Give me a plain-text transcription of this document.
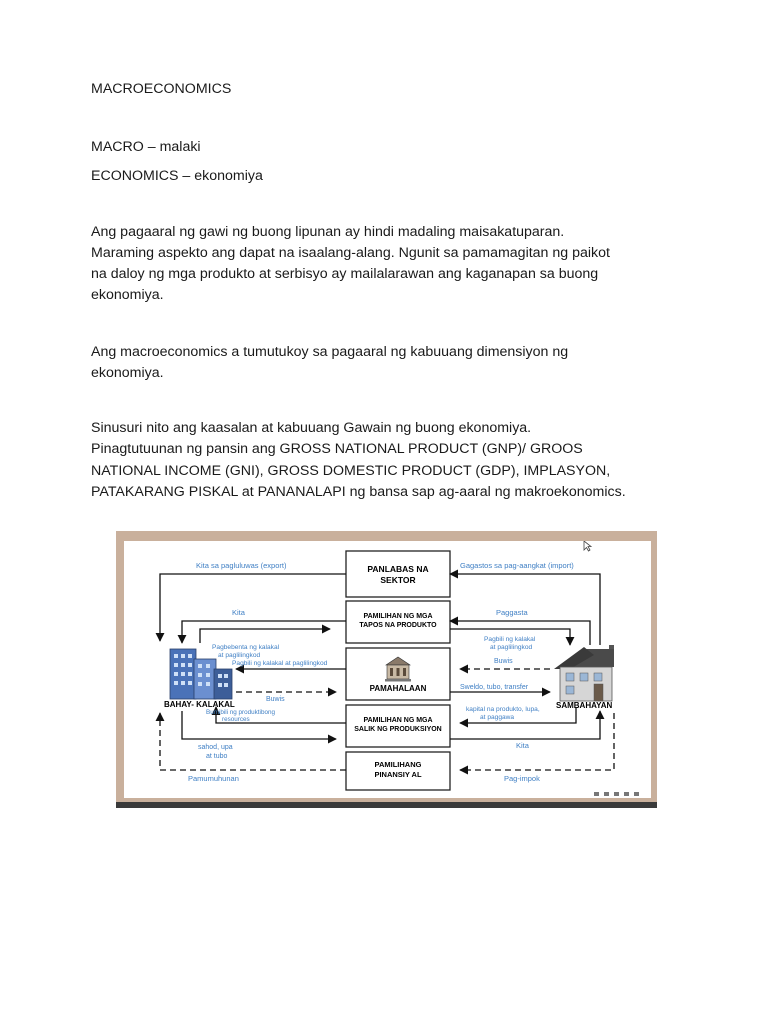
MACROECONOMICS
MACRO – malaki
ECONOMICS – ekonomiya
Ang pagaaral ng gawi ng buong lipunan ay hindi madaling maisakatuparan.
Maraming aspekto ang dapat na isaalang-alang. Ngunit sa pamamagitan ng paikot
na daloy ng mga produkto at serbisyo ay mailalarawan ang kaganapan sa buong
ekonomiya.
Ang macroeconomics a tumutukoy sa pagaaral ng kabuuang dimensiyon ng
ekonomiya.
Sinusuri nito ang kaasalan at kabuuang Gawain ng buong ekonomiya.
Pinagtutuunan ng pansin ang GROSS NATIONAL PRODUCT (GNP)/ GROOS
NATIONAL INCOME (GNI), GROSS DOMESTIC PRODUCT (GDP), IMPLASYON,
PATAKARANG PISKAL at PANANALAPI ng bansa sap ag-aaral ng makroekonomics.
PANLABAS NA
SEKTOR
PAMILIHAN NG MGA
TAPOS NA PRODUKTO
PAMAHALAAN
PAMILIHAN NG MGA
SALIK NG PRODUKSIYON
PAMILIHANG
PINANSIY AL
BAHAY- KALAKAL	SAMBAHAYAN
Kita sa pagluluwas (export)	Gagastos sa pag-aangkat (import)
Kita	Paggasta
Pagbebenta ng kalakal
at paglilingkod
Pagbili ng kalakal
at paglilingkod
Pagbili ng kalakal at paglilingkod	Buwis
Buwis
Sweldo, tubo, transfer
Bumibili ng produktibong
resources
kapital na produkto, lupa,
at paggawa
sahod, upa
at tubo
Kita
Pamumuhunan	Pag-impok
